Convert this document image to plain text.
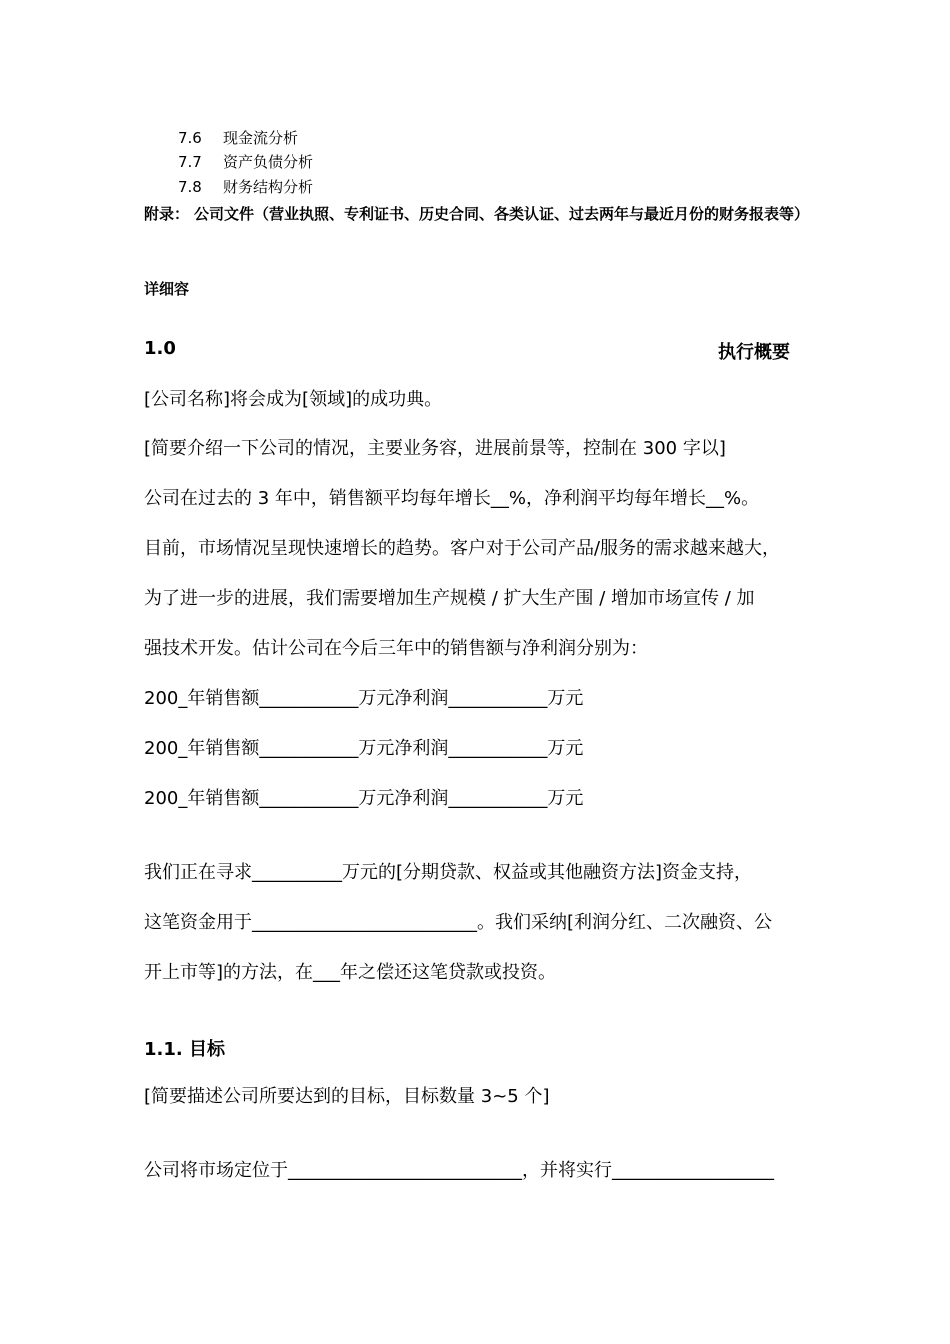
7.6 现金流分析
7.7 资产负债分析
7.8 财务结构分析
附录： 公司文件（营业执照、专利证书、历史合同、各类认证、过去两年与最近月份的财务报表等）
详细容
1.0	执行概要
[公司名称]将会成为[领域]的成功典。
[简要介绍一下公司的情况，主要业务容，进展前景等，控制在 300 字以]
公司在过去的 3 年中，销售额平均每年增长__%，净利润平均每年增长__%。
目前，市场情况呈现快速增长的趋势。客户对于公司产品/服务的需求越来越大，
为了进一步的进展，我们需要增加生产规模 / 扩大生产围 / 增加市场宣传 / 加
强技术开发。估计公司在今后三年中的销售额与净利润分别为：
200_年销售额___________万元净利润___________万元
200_年销售额___________万元净利润___________万元
200_年销售额___________万元净利润___________万元
我们正在寻求__________万元的[分期贷款、权益或其他融资方法]资金支持，
这笔资金用于_________________________。我们采纳[利润分红、二次融资、公
开上市等]的方法，在___年之偿还这笔贷款或投资。
1.1. 目标
[简要描述公司所要达到的目标，目标数量 3~5 个]
公司将市场定位于__________________________，并将实行__________________
